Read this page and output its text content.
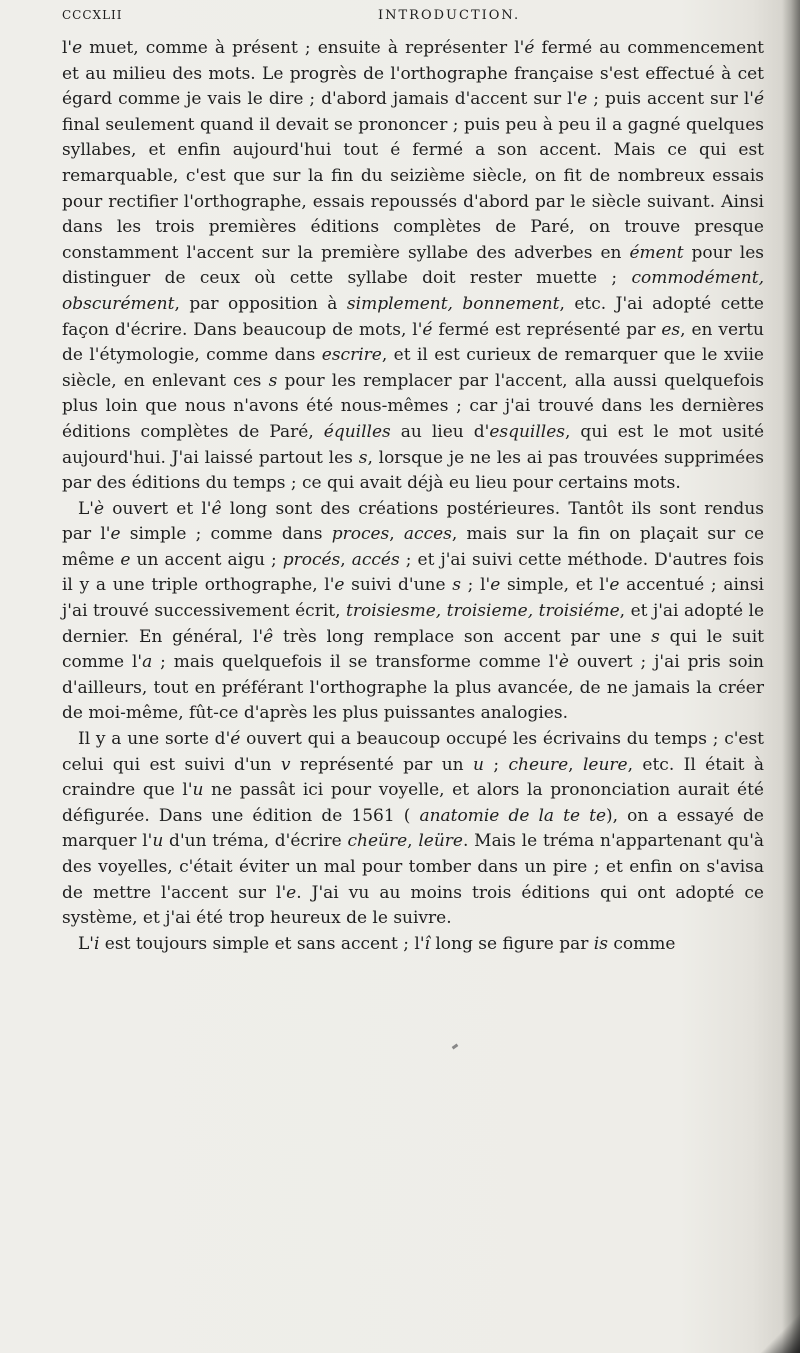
CCCXLII	INTRODUCTION.

l'e muet, comme à présent ; ensuite à représenter l'é fermé au commencement et au milieu des mots. Le progrès de l'orthographe française s'est effectué à cet égard comme je vais le dire ; d'abord jamais d'accent sur l'e ; puis accent sur l'é final seulement quand il devait se prononcer ; puis peu à peu il a gagné quelques syllabes, et enfin aujourd'hui tout é fermé a son accent. Mais ce qui est remarquable, c'est que sur la fin du seizième siècle, on fit de nombreux essais pour rectifier l'orthographe, essais repoussés d'abord par le siècle suivant. Ainsi dans les trois premières éditions complètes de Paré, on trouve presque constamment l'accent sur la première syllabe des adverbes en ément pour les distinguer de ceux où cette syllabe doit rester muette ; commodément, obscurément, par opposition à simplement, bonnement, etc. J'ai adopté cette façon d'écrire. Dans beaucoup de mots, l'é fermé est représenté par es, en vertu de l'étymologie, comme dans escrire, et il est curieux de remarquer que le xviie siècle, en enlevant ces s pour les remplacer par l'accent, alla aussi quelquefois plus loin que nous n'avons été nous-mêmes ; car j'ai trouvé dans les dernières éditions complètes de Paré, équilles au lieu d'esquilles, qui est le mot usité aujourd'hui. J'ai laissé partout les s, lorsque je ne les ai pas trouvées supprimées par des éditions du temps ; ce qui avait déjà eu lieu pour certains mots.

L'è ouvert et l'ê long sont des créations postérieures. Tantôt ils sont rendus par l'e simple ; comme dans proces, acces, mais sur la fin on plaçait sur ce même e un accent aigu ; procés, accés ; et j'ai suivi cette méthode. D'autres fois il y a une triple orthographe, l'e suivi d'une s ; l'e simple, et l'e accentué ; ainsi j'ai trouvé successivement écrit, troisiesme, troisieme, troisiéme, et j'ai adopté le dernier. En général, l'ê très long remplace son accent par une s qui le suit comme l'a ; mais quelquefois il se transforme comme l'è ouvert ; j'ai pris soin d'ailleurs, tout en préférant l'orthographe la plus avancée, de ne jamais la créer de moi-même, fût-ce d'après les plus puissantes analogies.

Il y a une sorte d'é ouvert qui a beaucoup occupé les écrivains du temps ; c'est celui qui est suivi d'un v représenté par un u ; cheure, leure, etc. Il était à craindre que l'u ne passât ici pour voyelle, et alors la prononciation aurait été défigurée. Dans une édition de 1561 ( anatomie de la te te), on a essayé de marquer l'u d'un tréma, d'écrire cheüre, leüre. Mais le tréma n'appartenant qu'à des voyelles, c'était éviter un mal pour tomber dans un pire ; et enfin on s'avisa de mettre l'accent sur l'e. J'ai vu au moins trois éditions qui ont adopté ce système, et j'ai été trop heureux de le suivre.

L'i est toujours simple et sans accent ; l'î long se figure par is comme
